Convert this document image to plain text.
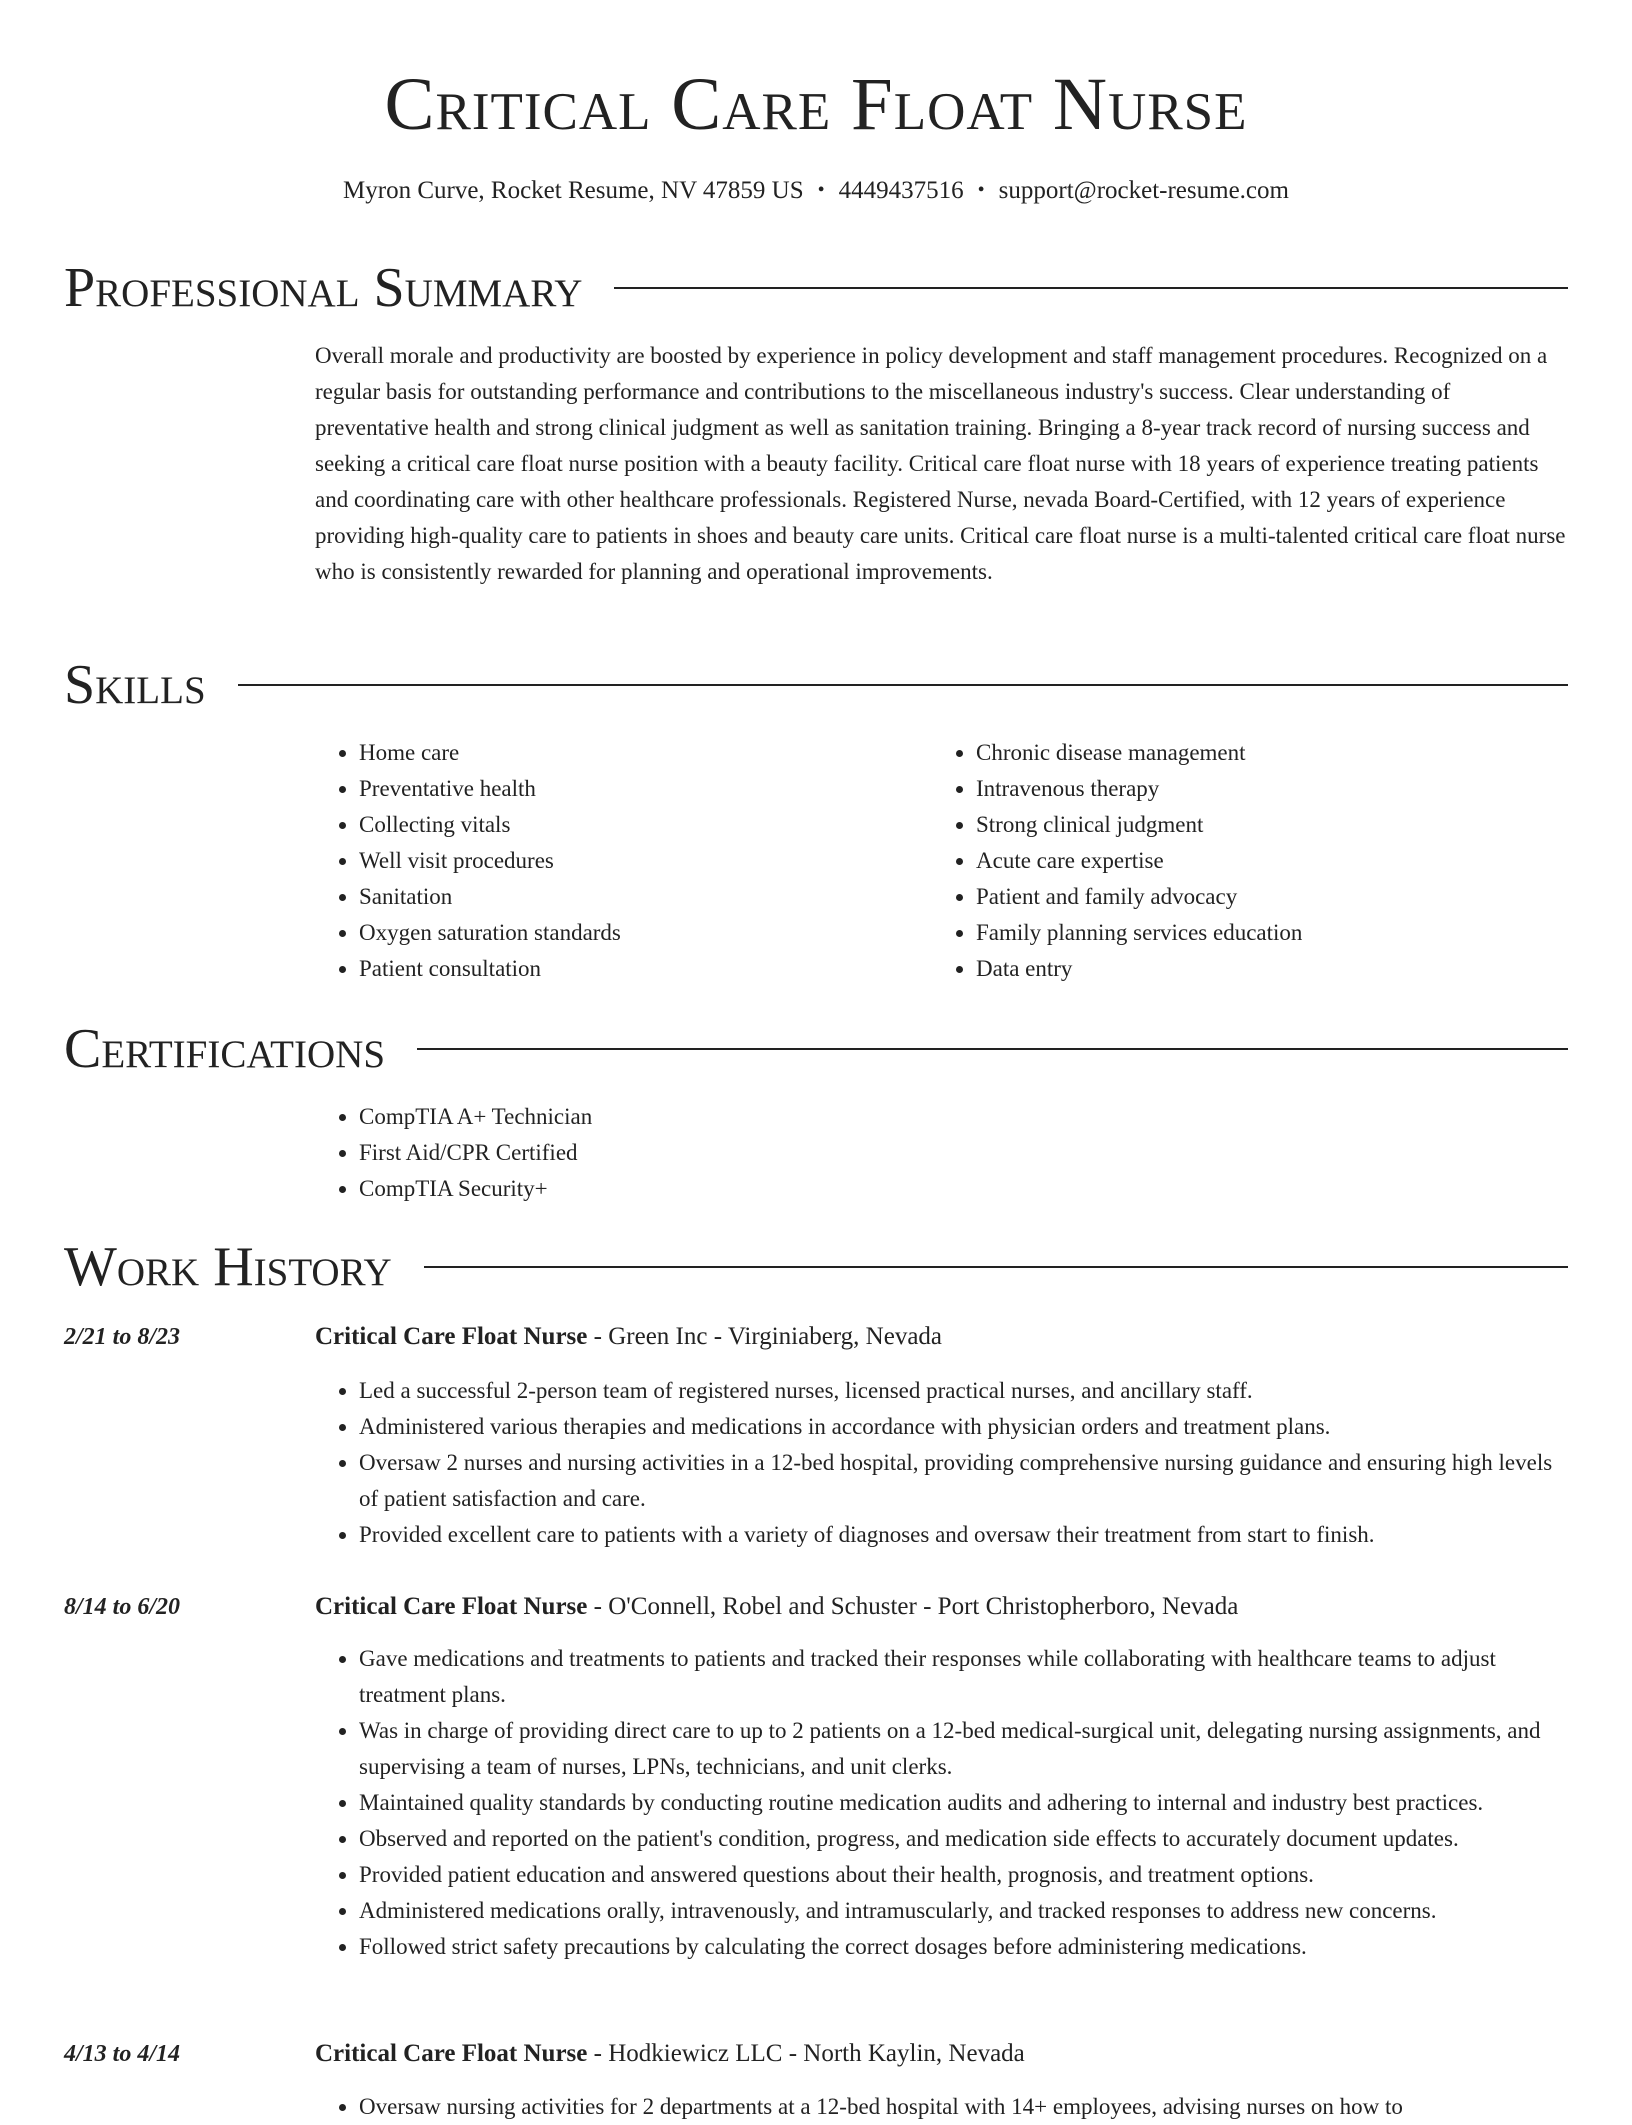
Critical Care Float Nurse
Myron Curve, Rocket Resume, NV 47859 US • 4449437516 • support@rocket-resume.com
Professional Summary

Overall morale and productivity are boosted by experience in policy development and staff management procedures. Recognized on a regular basis for outstanding performance and contributions to the miscellaneous industry's success. Clear understanding of preventative health and strong clinical judgment as well as sanitation training. Bringing a 8-year track record of nursing success and seeking a critical care float nurse position with a beauty facility. Critical care float nurse with 18 years of experience treating patients and coordinating care with other healthcare professionals. Registered Nurse, nevada Board-Certified, with 12 years of experience providing high-quality care to patients in shoes and beauty care units. Critical care float nurse is a multi-talented critical care float nurse who is consistently rewarded for planning and operational improvements.

Skills
• Home care
• Preventative health
• Collecting vitals
• Well visit procedures
• Sanitation
• Oxygen saturation standards
• Patient consultation
• Chronic disease management
• Intravenous therapy
• Strong clinical judgment
• Acute care expertise
• Patient and family advocacy
• Family planning services education
• Data entry
Certifications
• CompTIA A+ Technician
• First Aid/CPR Certified
• CompTIA Security+
Work History
2/21 to 8/23	Critical Care Float Nurse - Green Inc - Virginiaberg, Nevada
• Led a successful 2-person team of registered nurses, licensed practical nurses, and ancillary staff.
• Administered various therapies and medications in accordance with physician orders and treatment plans.
• Oversaw 2 nurses and nursing activities in a 12-bed hospital, providing comprehensive nursing guidance and ensuring high levels of patient satisfaction and care.
• Provided excellent care to patients with a variety of diagnoses and oversaw their treatment from start to finish.
8/14 to 6/20	Critical Care Float Nurse - O'Connell, Robel and Schuster - Port Christopherboro, Nevada
• Gave medications and treatments to patients and tracked their responses while collaborating with healthcare teams to adjust treatment plans.
• Was in charge of providing direct care to up to 2 patients on a 12-bed medical-surgical unit, delegating nursing assignments, and supervising a team of nurses, LPNs, technicians, and unit clerks.
• Maintained quality standards by conducting routine medication audits and adhering to internal and industry best practices.
• Observed and reported on the patient's condition, progress, and medication side effects to accurately document updates.
• Provided patient education and answered questions about their health, prognosis, and treatment options.
• Administered medications orally, intravenously, and intramuscularly, and tracked responses to address new concerns.
• Followed strict safety precautions by calculating the correct dosages before administering medications.
4/13 to 4/14	Critical Care Float Nurse - Hodkiewicz LLC - North Kaylin, Nevada
• Oversaw nursing activities for 2 departments at a 12-bed hospital with 14+ employees, advising nurses on how to
